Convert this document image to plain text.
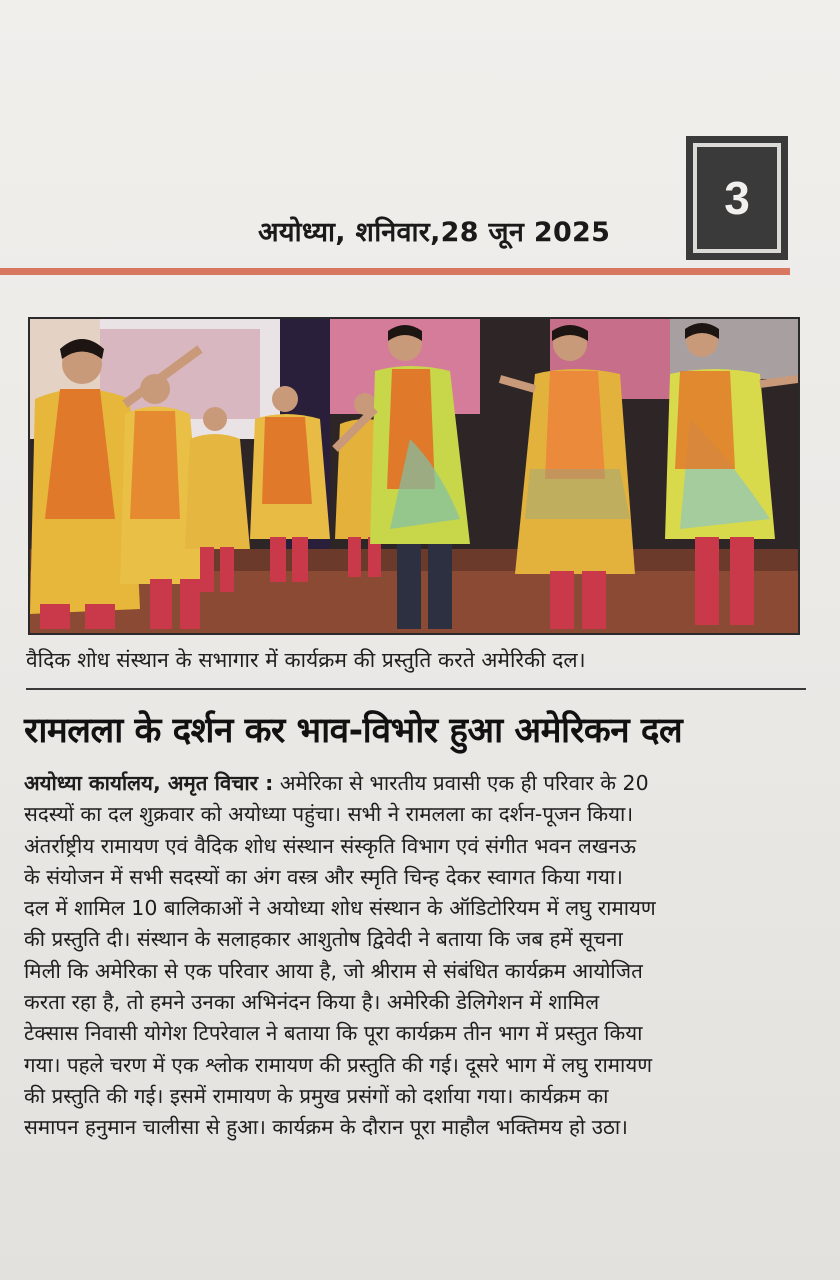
अयोध्या, शनिवार,28 जून 2025
3
वैदिक शोध संस्थान के सभागार में कार्यक्रम की प्रस्तुति करते अमेरिकी दल।
रामलला के दर्शन कर भाव-विभोर हुआ अमेरिकन दल
अयोध्या कार्यालय, अमृत विचार : अमेरिका से भारतीय प्रवासी एक ही परिवार के 20
सदस्यों का दल शुक्रवार को अयोध्या पहुंचा। सभी ने रामलला का दर्शन-पूजन किया।
अंतर्राष्ट्रीय रामायण एवं वैदिक शोध संस्थान संस्कृति विभाग एवं संगीत भवन लखनऊ
के संयोजन में सभी सदस्यों का अंग वस्त्र और स्मृति चिन्ह देकर स्वागत किया गया।
दल में शामिल 10 बालिकाओं ने अयोध्या शोध संस्थान के ऑडिटोरियम में लघु रामायण
की प्रस्तुति दी। संस्थान के सलाहकार आशुतोष द्विवेदी ने बताया कि जब हमें सूचना
मिली कि अमेरिका से एक परिवार आया है, जो श्रीराम से संबंधित कार्यक्रम आयोजित
करता रहा है, तो हमने उनका अभिनंदन किया है। अमेरिकी डेलिगेशन में शामिल
टेक्सास निवासी योगेश टिपरेवाल ने बताया कि पूरा कार्यक्रम तीन भाग में प्रस्तुत किया
गया। पहले चरण में एक श्लोक रामायण की प्रस्तुति की गई। दूसरे भाग में लघु रामायण
की प्रस्तुति की गई। इसमें रामायण के प्रमुख प्रसंगों को दर्शाया गया। कार्यक्रम का
समापन हनुमान चालीसा से हुआ। कार्यक्रम के दौरान पूरा माहौल भक्तिमय हो उठा।
